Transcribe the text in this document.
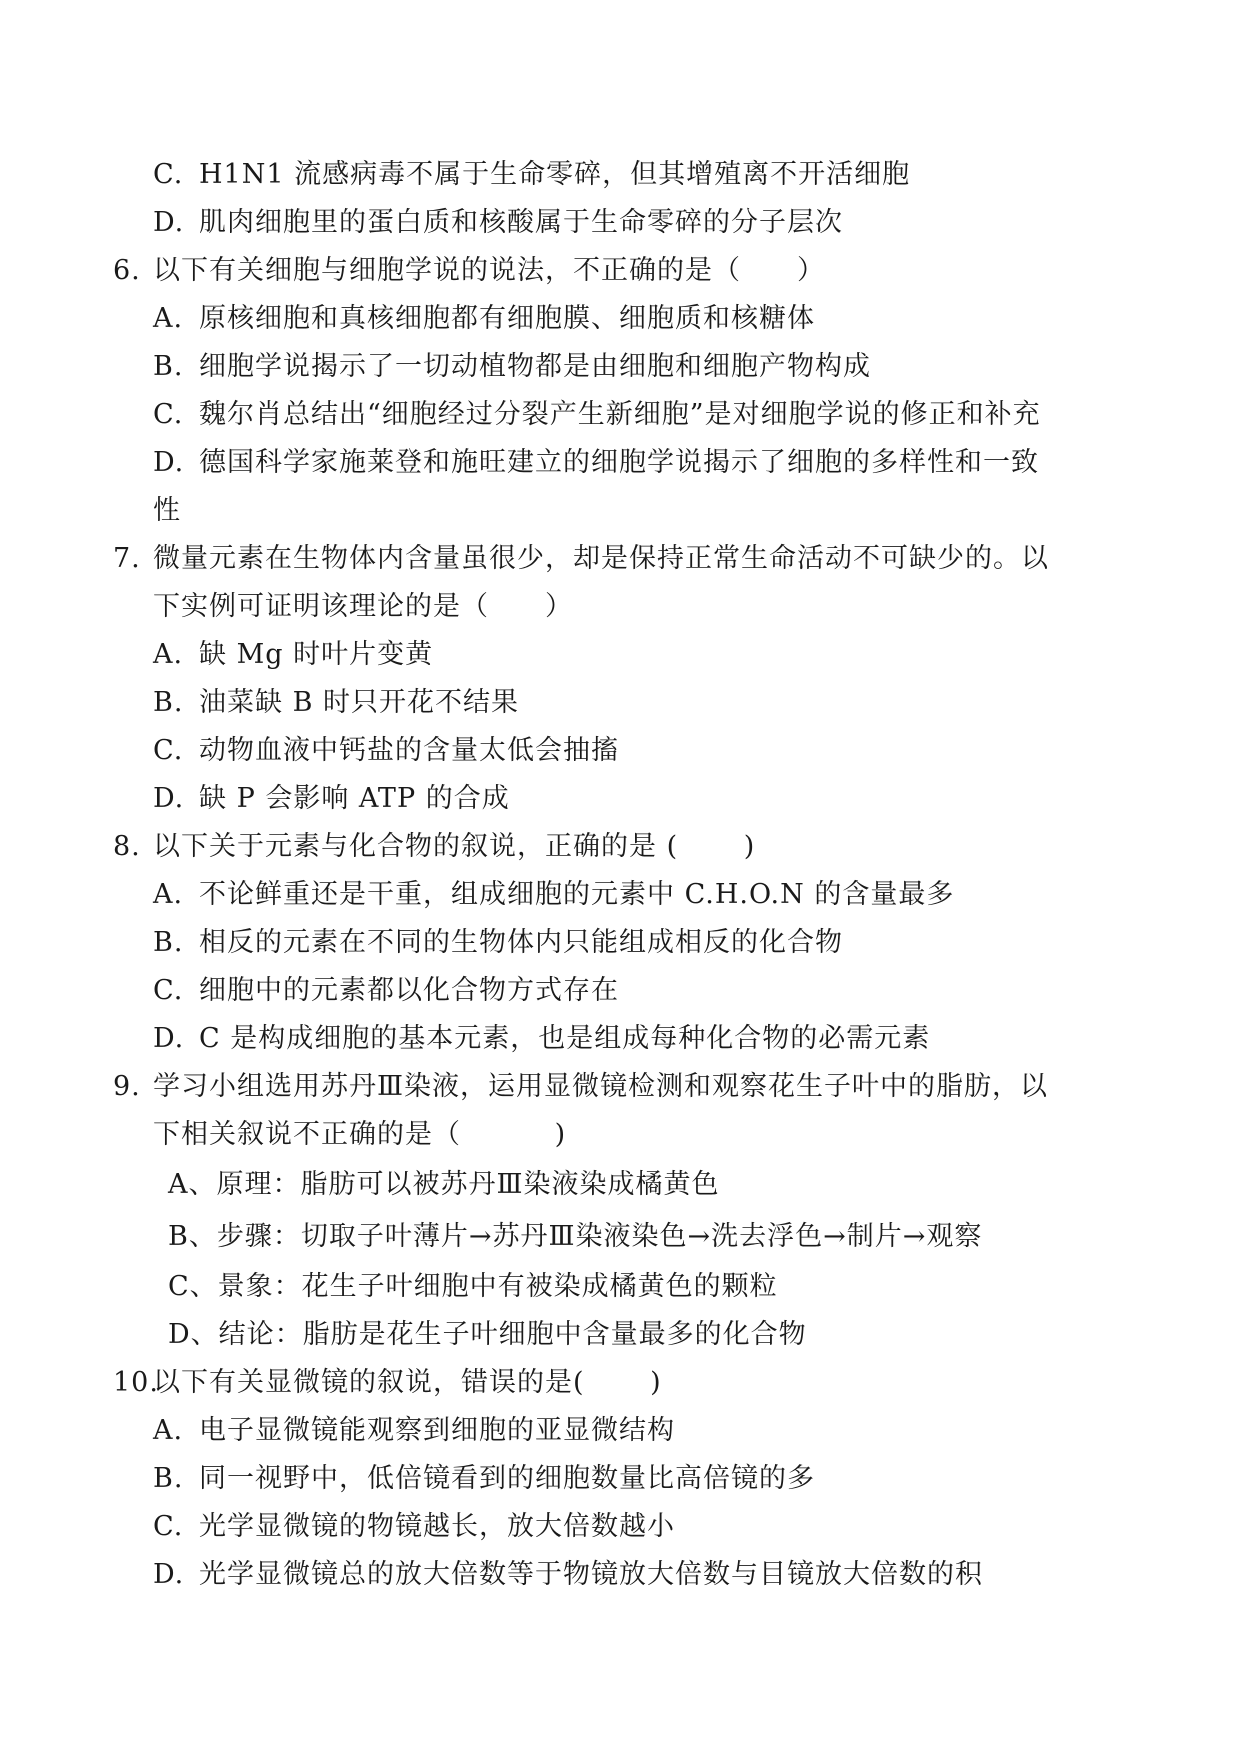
C. H1N1 流感病毒不属于生命零碎，但其增殖离不开活细胞
D. 肌肉细胞里的蛋白质和核酸属于生命零碎的分子层次
6. 以下有关细胞与细胞学说的说法，不正确的是（　　）
A. 原核细胞和真核细胞都有细胞膜、细胞质和核糖体
B. 细胞学说揭示了一切动植物都是由细胞和细胞产物构成
C. 魏尔肖总结出“细胞经过分裂产生新细胞”是对细胞学说的修正和补充
D. 德国科学家施莱登和施旺建立的细胞学说揭示了细胞的多样性和一致
性
7. 微量元素在生物体内含量虽很少，却是保持正常生命活动不可缺少的。以
下实例可证明该理论的是（　　）
A. 缺 Mg 时叶片变黄
B. 油菜缺 B 时只开花不结果
C. 动物血液中钙盐的含量太低会抽搐
D. 缺 P 会影响 ATP 的合成
8. 以下关于元素与化合物的叙说，正确的是 (　　 )
A. 不论鲜重还是干重，组成细胞的元素中 C.H.O.N 的含量最多
B. 相反的元素在不同的生物体内只能组成相反的化合物
C. 细胞中的元素都以化合物方式存在
D. C 是构成细胞的基本元素，也是组成每种化合物的必需元素
9. 学习小组选用苏丹Ⅲ染液，运用显微镜检测和观察花生子叶中的脂肪，以
下相关叙说不正确的是（　　　 )
A、原理：脂肪可以被苏丹Ⅲ染液染成橘黄色
B、步骤：切取子叶薄片→苏丹Ⅲ染液染色→洗去浮色→制片→观察
C、景象：花生子叶细胞中有被染成橘黄色的颗粒
D、结论：脂肪是花生子叶细胞中含量最多的化合物
10.以下有关显微镜的叙说，错误的是(　　 )
A. 电子显微镜能观察到细胞的亚显微结构
B. 同一视野中，低倍镜看到的细胞数量比高倍镜的多
C. 光学显微镜的物镜越长，放大倍数越小
D. 光学显微镜总的放大倍数等于物镜放大倍数与目镜放大倍数的积
